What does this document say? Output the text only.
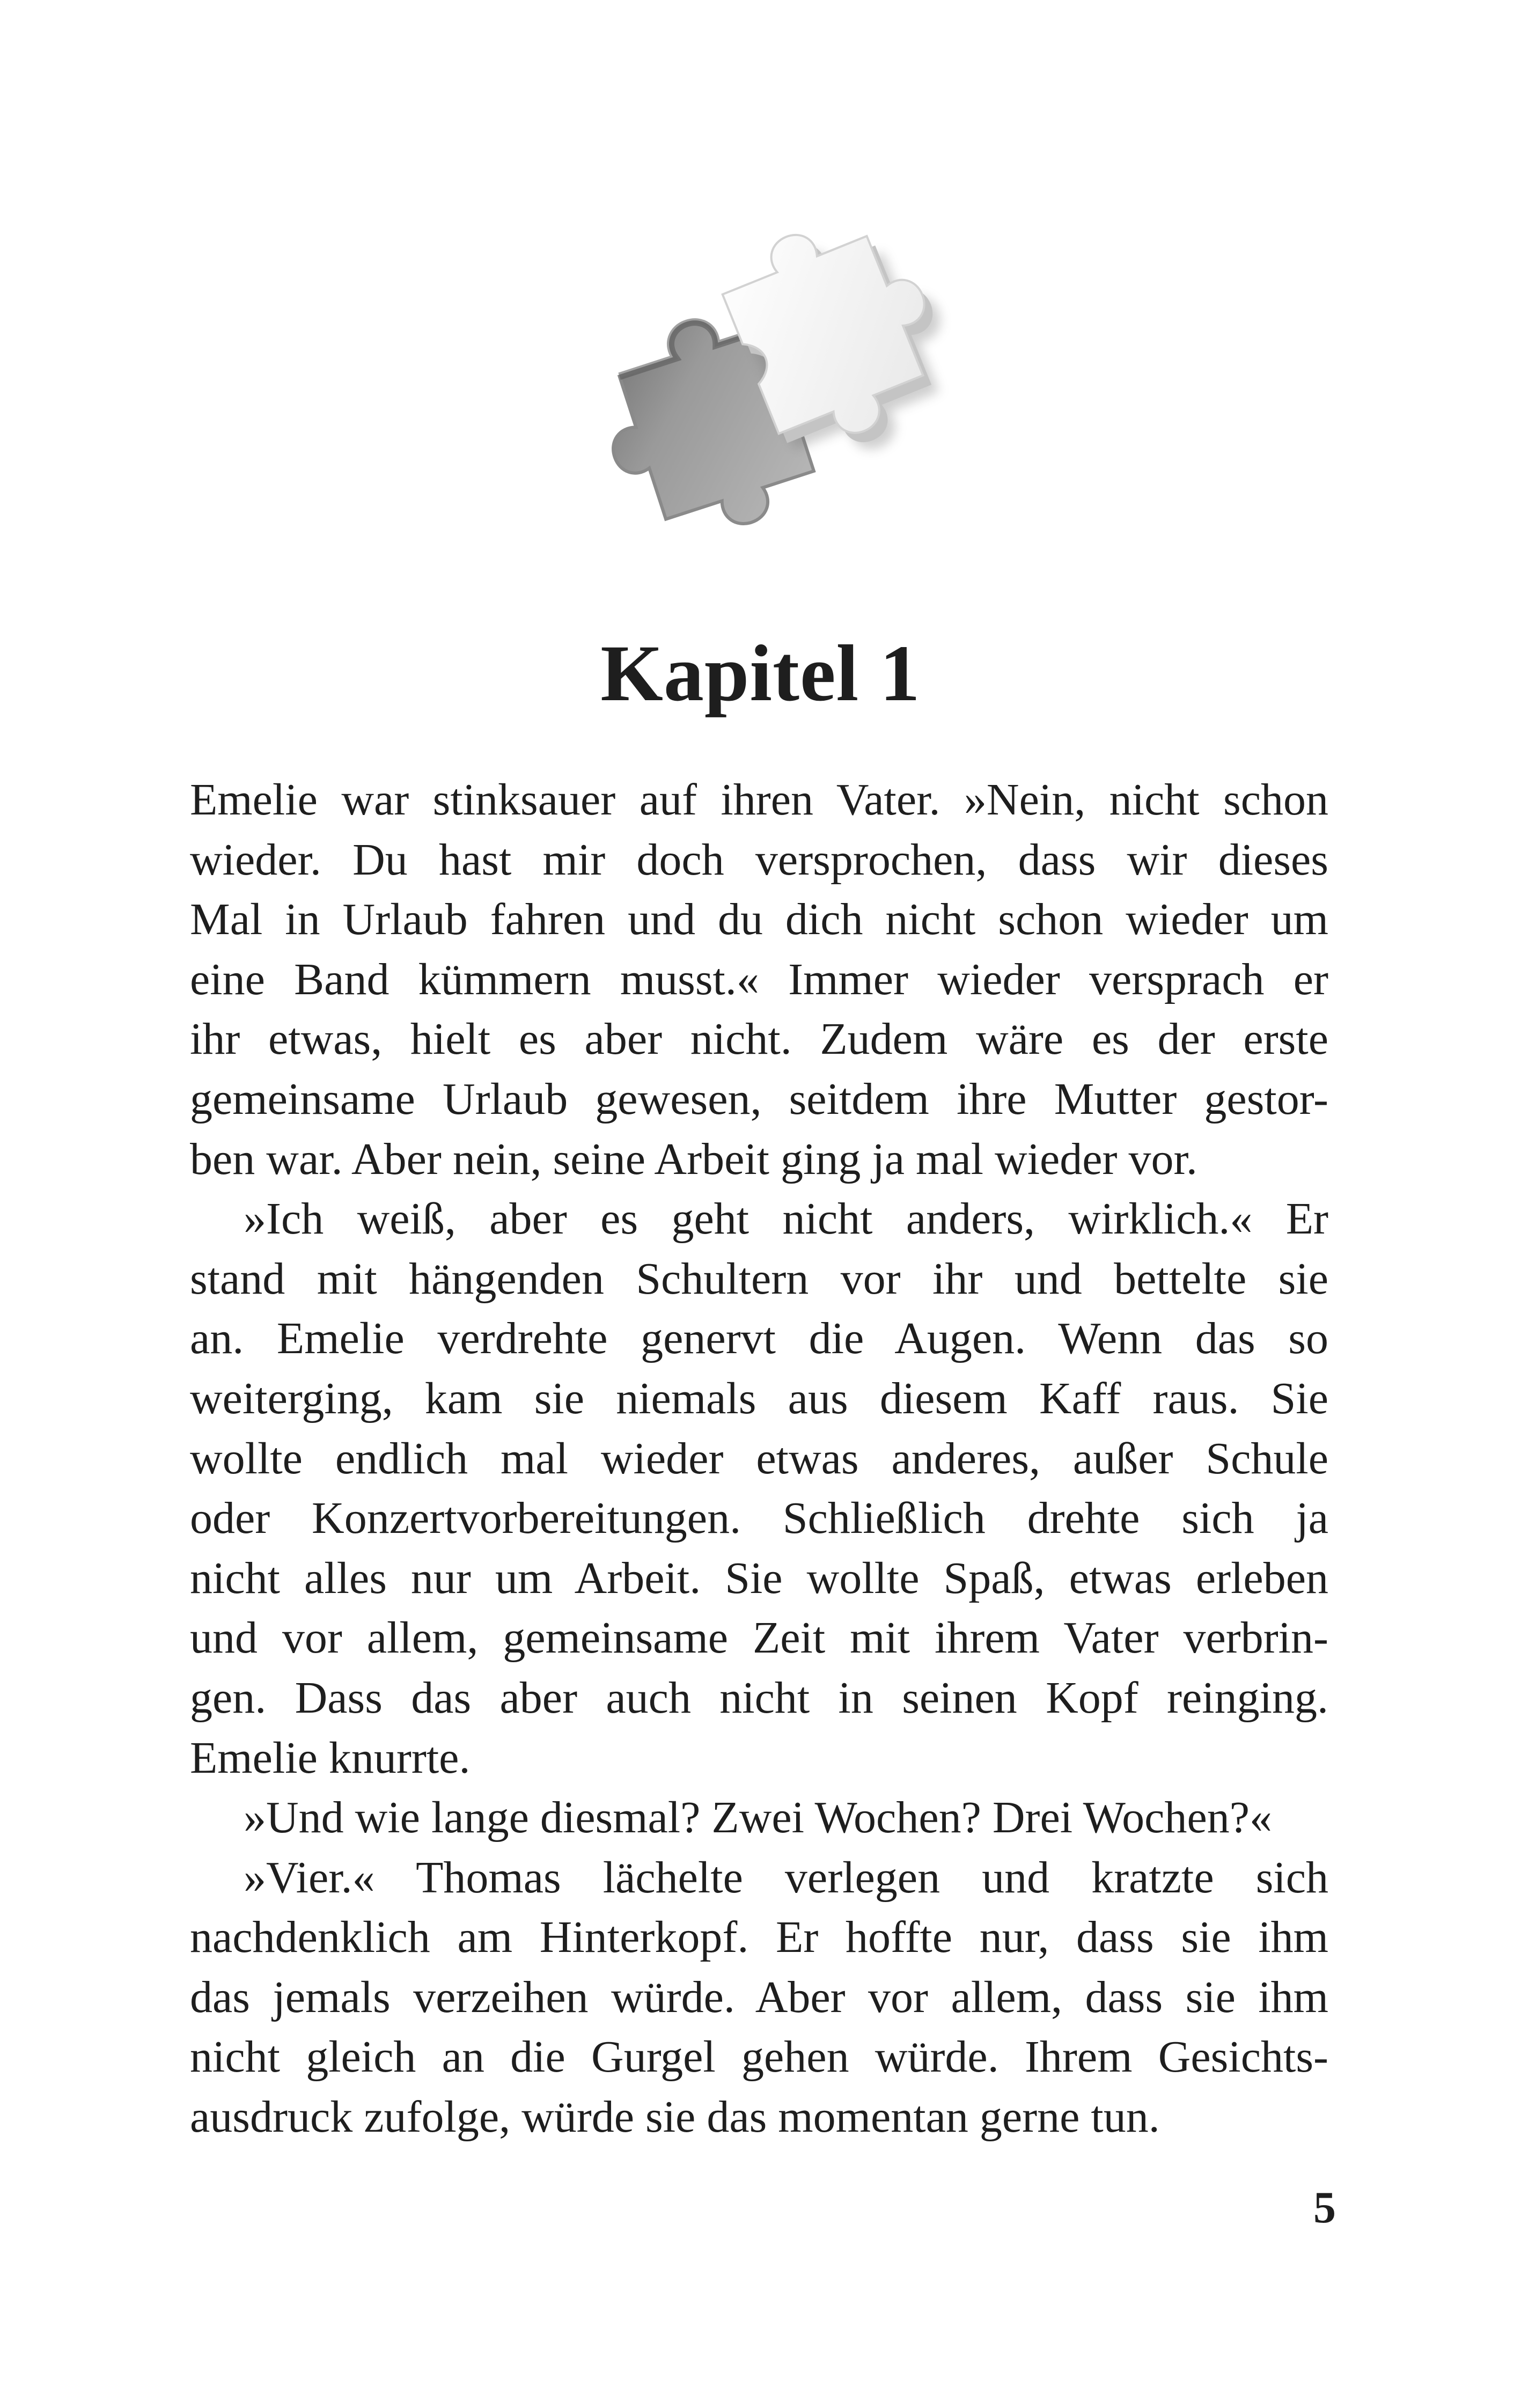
Kapitel 1

Emelie war stinksauer auf ihren Vater. »Nein, nicht schon
wieder. Du hast mir doch versprochen, dass wir dieses
Mal in Urlaub fahren und du dich nicht schon wieder um
eine Band kümmern musst.« Immer wieder versprach er
ihr etwas, hielt es aber nicht. Zudem wäre es der erste
gemeinsame Urlaub gewesen, seitdem ihre Mutter gestor-
ben war. Aber nein, seine Arbeit ging ja mal wieder vor.

»Ich weiß, aber es geht nicht anders, wirklich.« Er
stand mit hängenden Schultern vor ihr und bettelte sie
an. Emelie verdrehte genervt die Augen. Wenn das so
weiterging, kam sie niemals aus diesem Kaff raus. Sie
wollte endlich mal wieder etwas anderes, außer Schule
oder Konzertvorbereitungen. Schließlich drehte sich ja
nicht alles nur um Arbeit. Sie wollte Spaß, etwas erleben
und vor allem, gemeinsame Zeit mit ihrem Vater verbrin-
gen. Dass das aber auch nicht in seinen Kopf reinging.
Emelie knurrte.

»Und wie lange diesmal? Zwei Wochen? Drei Wochen?«

»Vier.« Thomas lächelte verlegen und kratzte sich
nachdenklich am Hinterkopf. Er hoffte nur, dass sie ihm
das jemals verzeihen würde. Aber vor allem, dass sie ihm
nicht gleich an die Gurgel gehen würde. Ihrem Gesichts-
ausdruck zufolge, würde sie das momentan gerne tun.

5
